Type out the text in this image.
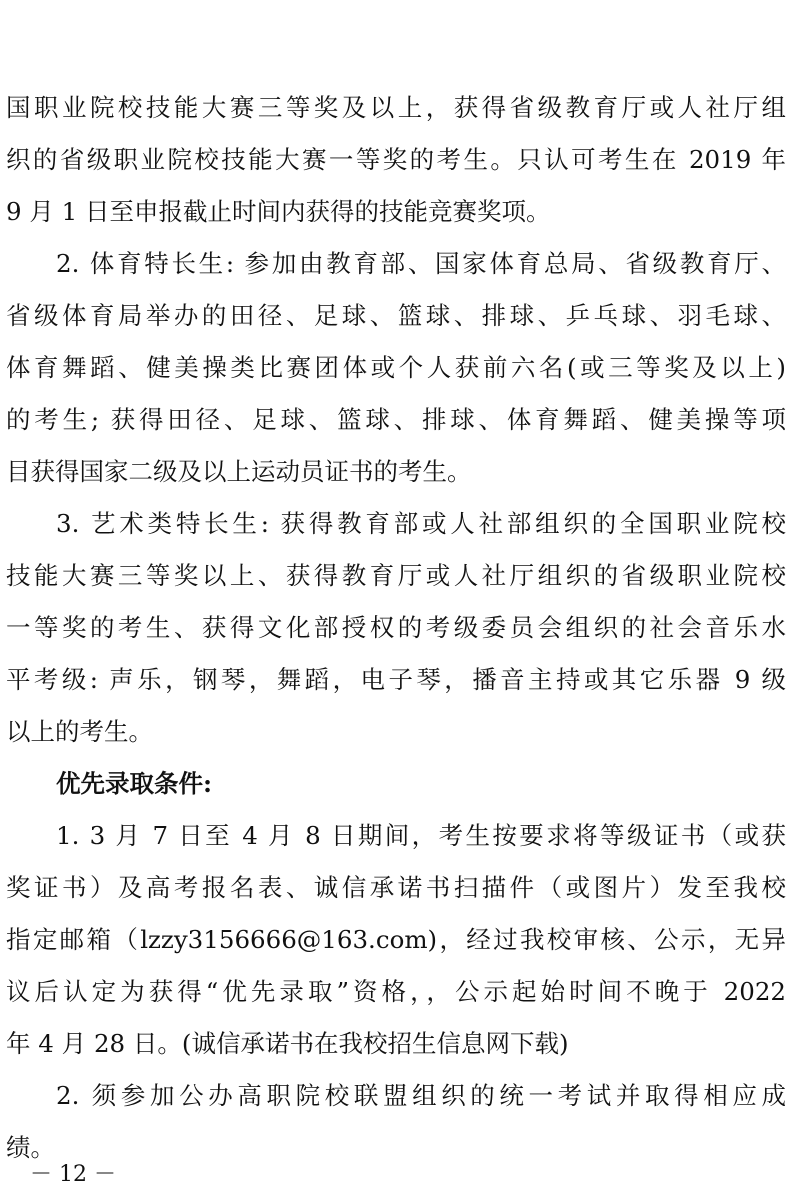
国职业院校技能大赛三等奖及以上，获得省级教育厅或人社厅组
织的省级职业院校技能大赛一等奖的考生。只认可考生在 2019 年
9 月 1 日至申报截止时间内获得的技能竞赛奖项。
2. 体育特长生: 参加由教育部、国家体育总局、省级教育厅、
省级体育局举办的田径、足球、篮球、排球、乒乓球、羽毛球、
体育舞蹈、健美操类比赛团体或个人获前六名(或三等奖及以上)
的考生; 获得田径、足球、篮球、排球、体育舞蹈、健美操等项
目获得国家二级及以上运动员证书的考生。
3. 艺术类特长生: 获得教育部或人社部组织的全国职业院校
技能大赛三等奖以上、获得教育厅或人社厅组织的省级职业院校
一等奖的考生、获得文化部授权的考级委员会组织的社会音乐水
平考级: 声乐，钢琴，舞蹈，电子琴，播音主持或其它乐器 9 级
以上的考生。
优先录取条件:
1. 3 月 7 日至 4 月 8 日期间，考生按要求将等级证书（或获
奖证书）及高考报名表、诚信承诺书扫描件（或图片）发至我校
指定邮箱（lzzy3156666@163.com)，经过我校审核、公示，无异
议后认定为获得“优先录取”资格，，公示起始时间不晚于 2022
年 4 月 28 日。(诚信承诺书在我校招生信息网下载)
2. 须参加公办高职院校联盟组织的统一考试并取得相应成
绩。
－ 12 －
